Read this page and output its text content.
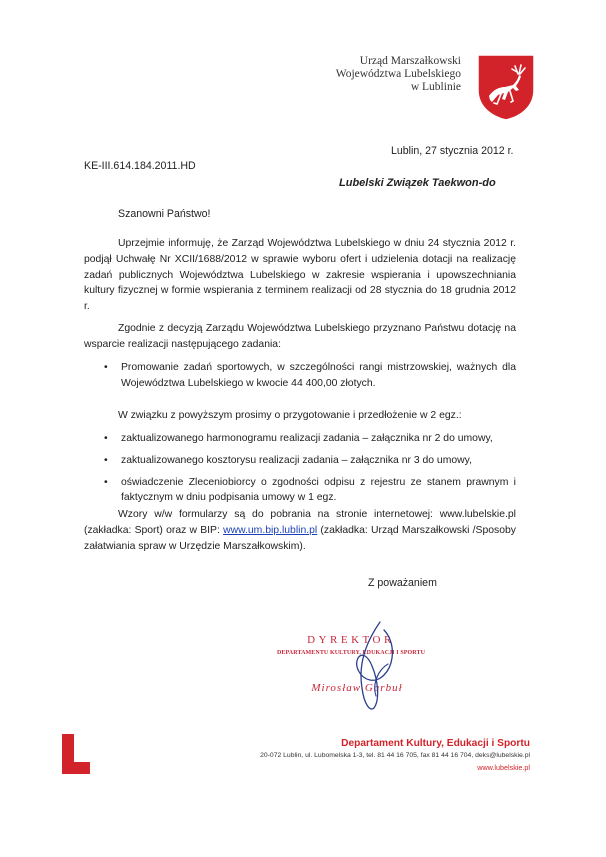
Urząd Marszałkowski
Województwa Lubelskiego
w Lublinie
Lublin, 27 stycznia 2012 r.
KE-III.614.184.2011.HD
Lubelski Związek Taekwon-do
Szanowni Państwo!

Uprzejmie informuję, że Zarząd Województwa Lubelskiego w dniu 24 stycznia 2012 r. podjął Uchwałę Nr XCII/1688/2012 w sprawie wyboru ofert i udzielenia dotacji na realizację zadań publicznych Województwa Lubelskiego w zakresie wspierania i upowszechniania kultury fizycznej w formie wspierania z terminem realizacji od 28 stycznia do 18 grudnia 2012 r.

Zgodnie z decyzją Zarządu Województwa Lubelskiego przyznano Państwu dotację na wsparcie realizacji następującego zadania:

• Promowanie zadań sportowych, w szczególności rangi mistrzowskiej, ważnych dla Województwa Lubelskiego w kwocie 44 400,00 złotych.

W związku z powyższym prosimy o przygotowanie i przedłożenie w 2 egz.:

• zaktualizowanego harmonogramu realizacji zadania – załącznika nr 2 do umowy,
• zaktualizowanego kosztorysu realizacji zadania – załącznika nr 3 do umowy,
• oświadczenie Zleceniobiorcy o zgodności odpisu z rejestru ze stanem prawnym i faktycznym w dniu podpisania umowy w 1 egz.

Wzory w/w formularzy są do pobrania na stronie internetowej: www.lubelskie.pl (zakładka: Sport) oraz w BIP: www.um.bip.lublin.pl (zakładka: Urząd Marszałkowski /Sposoby załatwiania spraw w Urzędzie Marszałkowskim).

Z poważaniem
DYREKTOR
DEPARTAMENTU KULTURY, EDUKACJI I SPORTU
Mirosław Garbuł
Departament Kultury, Edukacji i Sportu
20-072 Lublin, ul. Lubomelska 1-3, tel. 81 44 16 705, fax 81 44 16 704, deks@lubelskie.pl
www.lubelskie.pl
